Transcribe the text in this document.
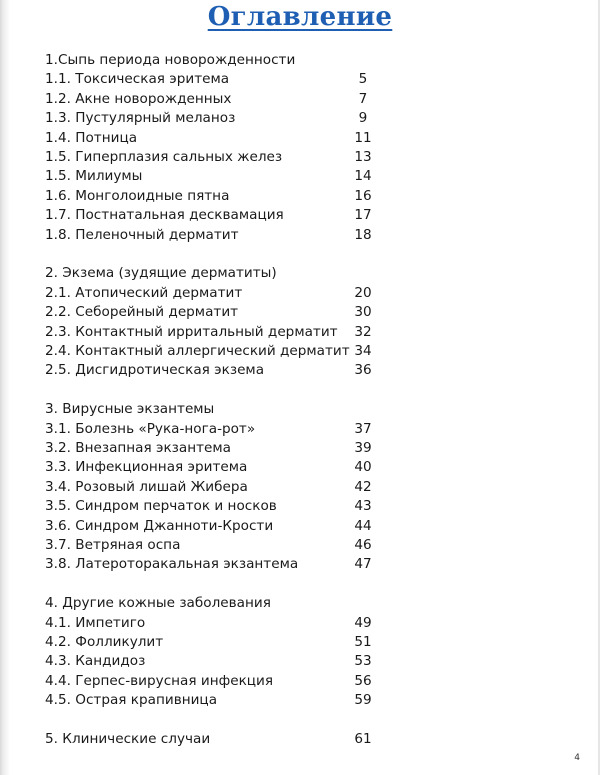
Оглавление
1.Сыпь периода новорожденности
1.1. Токсическая эритема	5
1.2. Акне новорожденных	7
1.3. Пустулярный меланоз	9
1.4. Потница	11
1.5. Гиперплазия сальных желез	13
1.5. Милиумы	14
1.6. Монголоидные пятна	16
1.7. Постнатальная десквамация	17
1.8. Пеленочный дерматит	18
2. Экзема (зудящие дерматиты)
2.1. Атопический дерматит	20
2.2. Себорейный дерматит	30
2.3. Контактный ирритальный дерматит 32
2.4. Контактный аллергический дерматит 34
2.5. Дисгидротическая экзема	36
3. Вирусные экзантемы
3.1. Болезнь «Рука-нога-рот»	37
3.2. Внезапная экзантема	39
3.3. Инфекционная эритема	40
3.4. Розовый лишай Жибера	42
3.5. Синдром перчаток и носков	43
3.6. Синдром Джанноти-Крости	44
3.7. Ветряная оспа	46
3.8. Латероторакальная экзантема	47
4. Другие кожные заболевания
4.1. Импетиго	49
4.2. Фолликулит	51
4.3. Кандидоз	53
4.4. Герпес-вирусная инфекция	56
4.5. Острая крапивница	59
5. Клинические случаи	61
4
